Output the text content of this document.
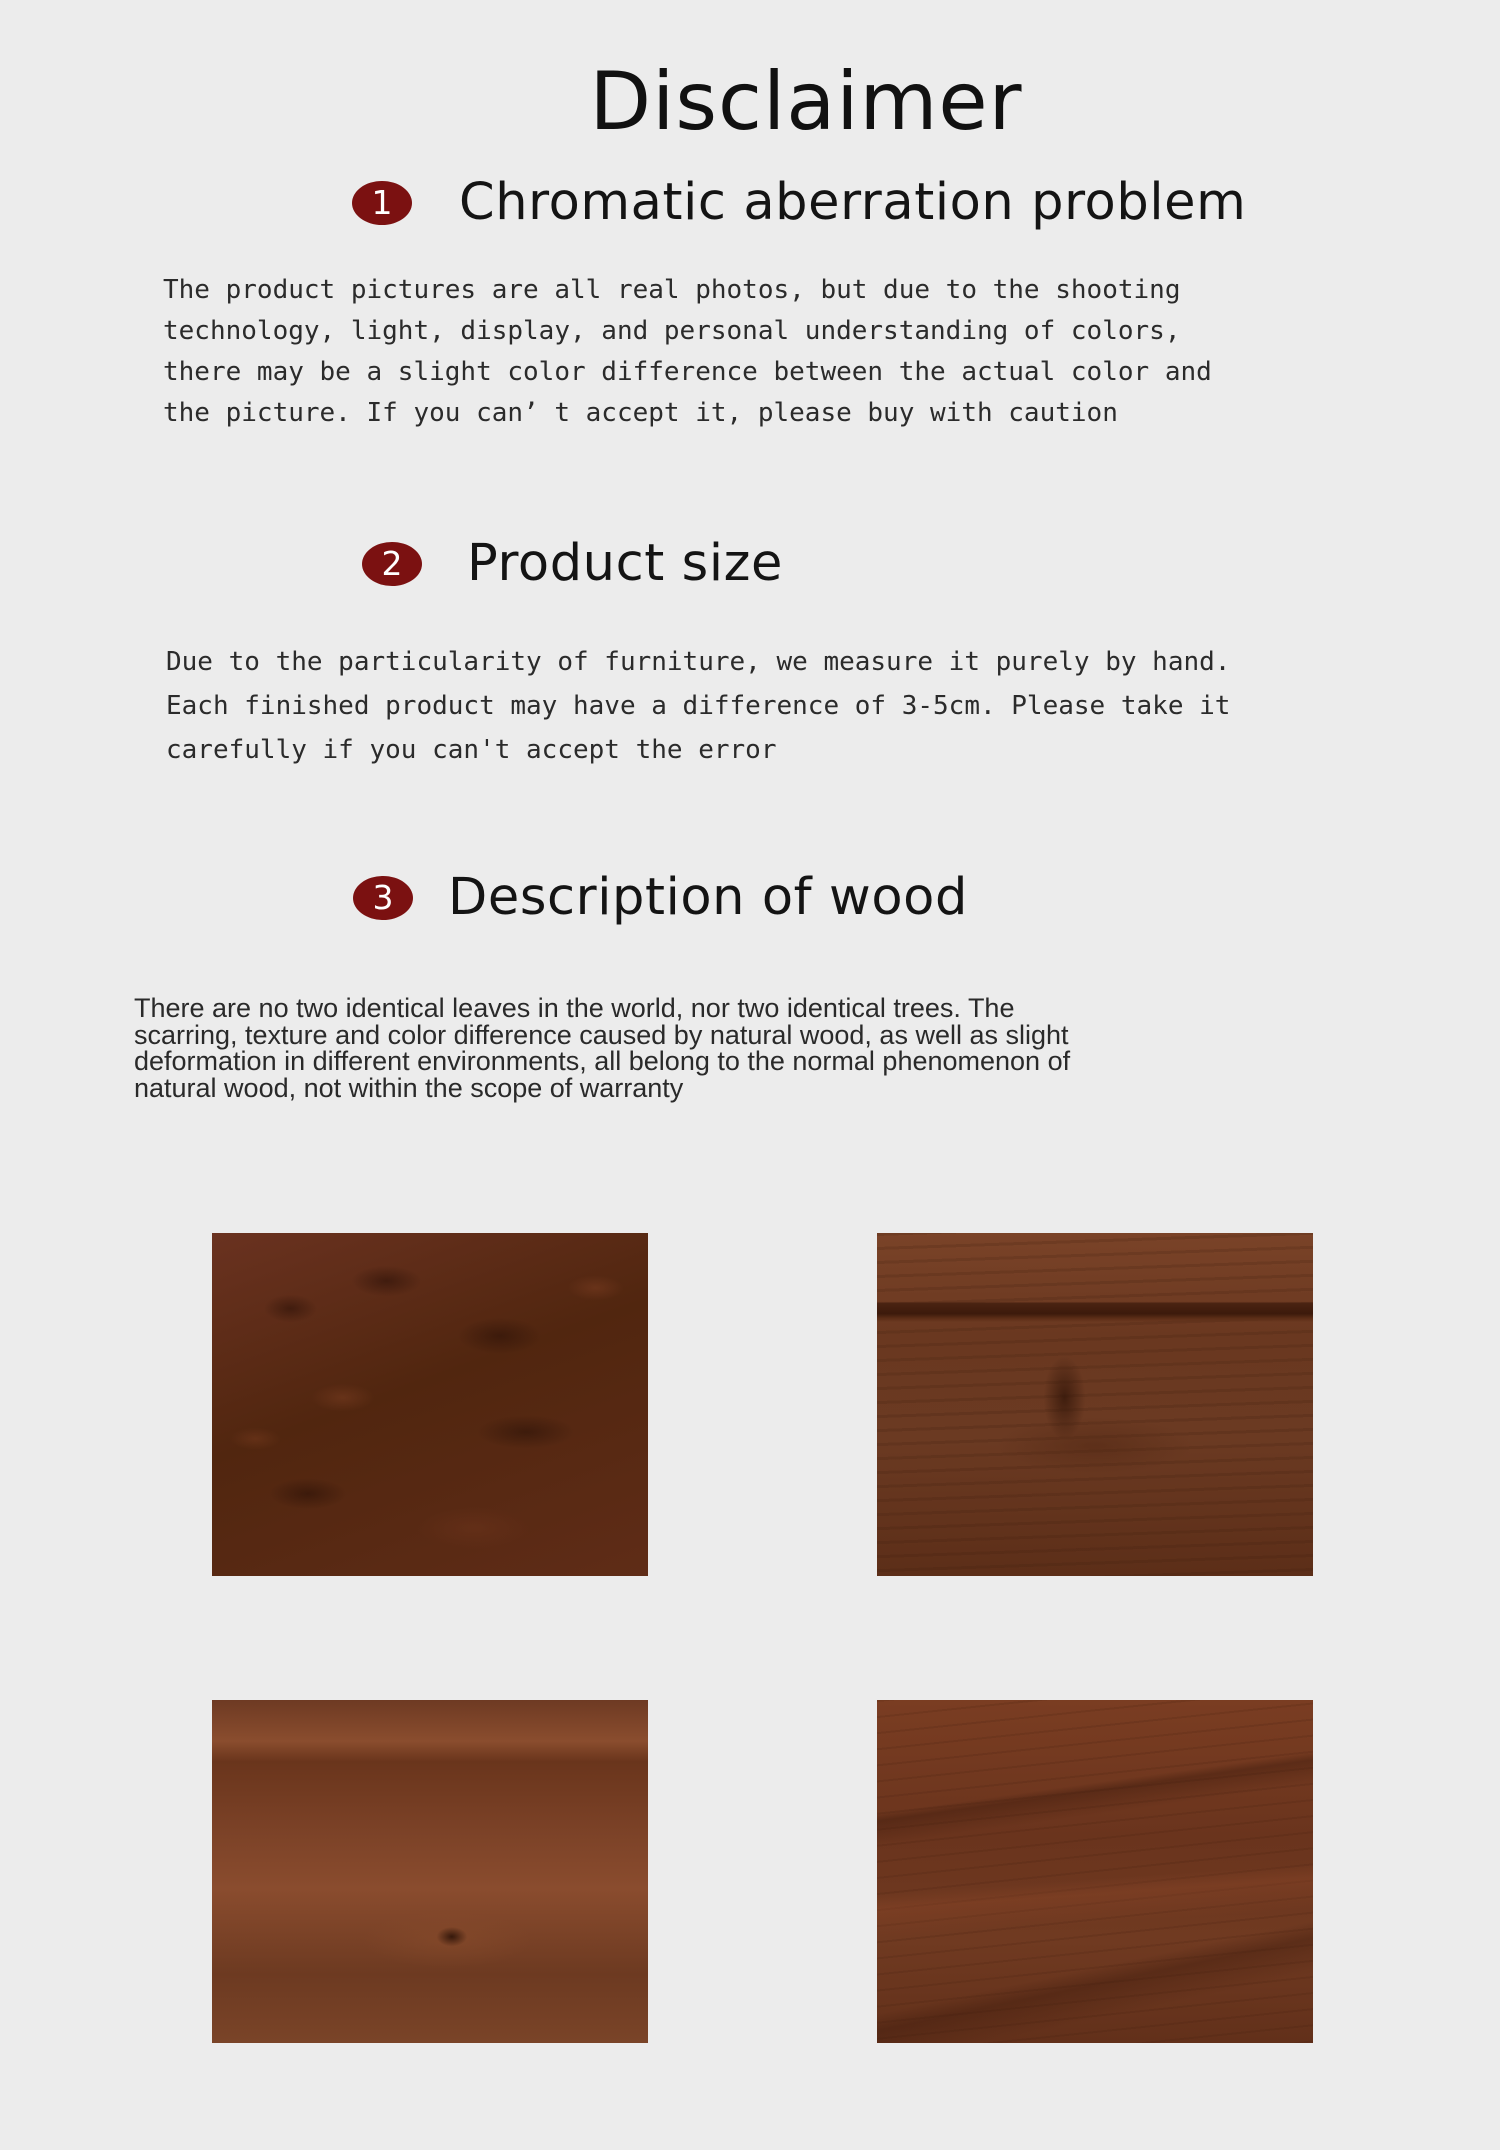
Disclaimer
1	Chromatic aberration problem

The product pictures are all real photos, but due to the shooting
technology, light, display, and personal understanding of colors,
there may be a slight color difference between the actual color and
the picture. If you can’ t accept it, please buy with caution

2	Product size

Due to the particularity of furniture, we measure it purely by hand.
Each finished product may have a difference of 3-5cm. Please take it
carefully if you can't accept the error

3	Description of wood

There are no two identical leaves in the world, nor two identical trees. The
scarring, texture and color difference caused by natural wood, as well as slight
deformation in different environments, all belong to the normal phenomenon of
natural wood, not within the scope of warranty
